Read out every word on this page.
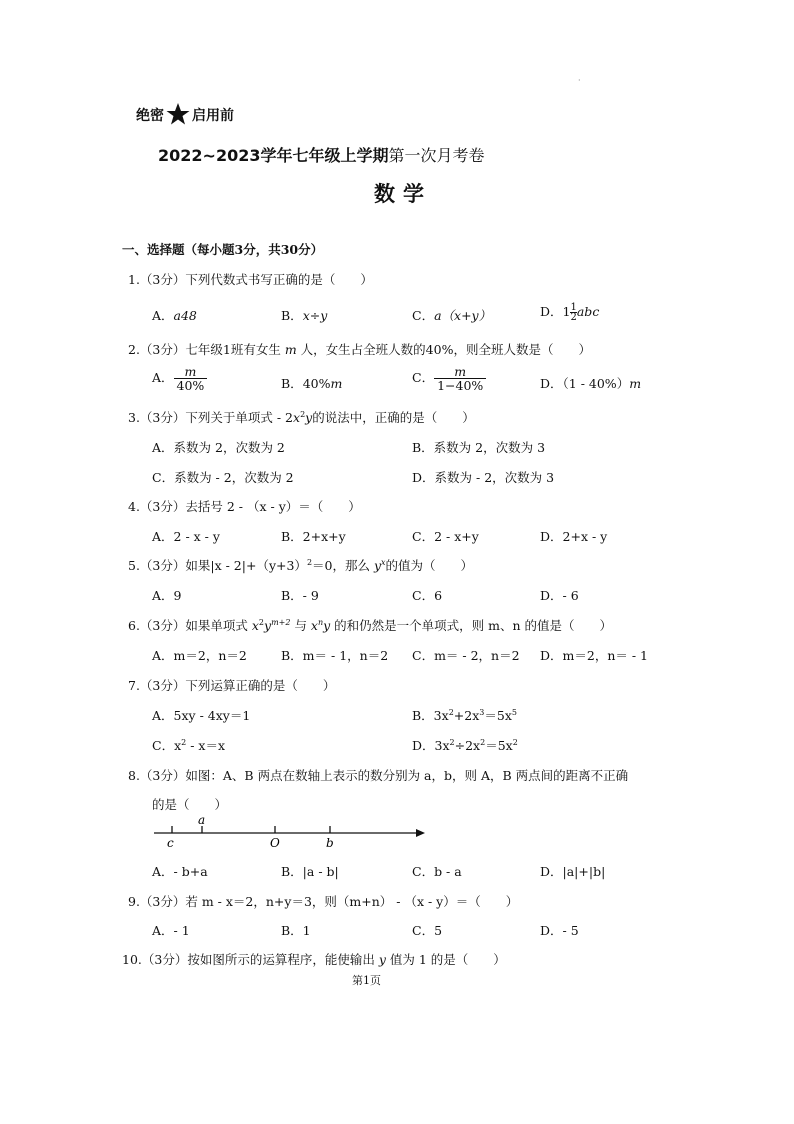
·
绝密 启用前
2022~2023学年七年级上学期第一次月考卷
数学
一、选择题（每小题3分，共30分）
1.（3分）下列代数式书写正确的是（　　）
A．a48	B．x÷y	C．a（x+y）	D．$1 \frac{1}{2}$ abc
2.（3分）七年级1班有女生 m 人，女生占全班人数的40%，则全班人数是（　　）
A． $\frac{m}{40\%}$	B．40%m	C． $\frac{m}{1-40\%}$	D．（1 - 40%）m
3.（3分）下列关于单项式 - $2x^2y$的说法中，正确的是（　　）
A．系数为 2，次数为 2	B．系数为 2，次数为 3
C．系数为 - 2，次数为 2	D．系数为 - 2，次数为 3
4.（3分）去括号 2 - （x - y）＝（　　）
A．2 - x - y	B．2+x+y	C．2 - x+y	D．2+x - y
5.（3分）如果$|x - 2|+(y+3)^2=0$，那么 $y^x$的值为（　　）
A．9	B．- 9	C．6	D．- 6
6.（3分）如果单项式 $x^2y^{m+2}$ 与 $x^ny$ 的和仍然是一个单项式，则 m、n 的值是（　　）
A．m＝2，n＝2	B．m＝ - 1，n＝2 C．m＝ - 2，n＝2 D．m＝2，n＝ - 1
7.（3分）下列运算正确的是（　　）
A．5xy - 4xy＝1	B．$3x^2+2x^3=5x^5$
C．$x^2 - x=x$	D．$3x^2\div 2x^2=5x^2$
8.（3分）如图：A、B 两点在数轴上表示的数分别为 a，b，则 A，B 两点间的距离不正确
的是（　　）
c
a
O	b
A．- b+a	B．|a - b|	C．b - a	D．|a|+|b|
9.（3分）若 m - x＝2，n+y＝3，则（m+n） - （x - y）＝（　　）
A．- 1	B．1	C．5	D．- 5
10.（3分）按如图所示的运算程序，能使输出 y 值为 1 的是（　　）
第1页
